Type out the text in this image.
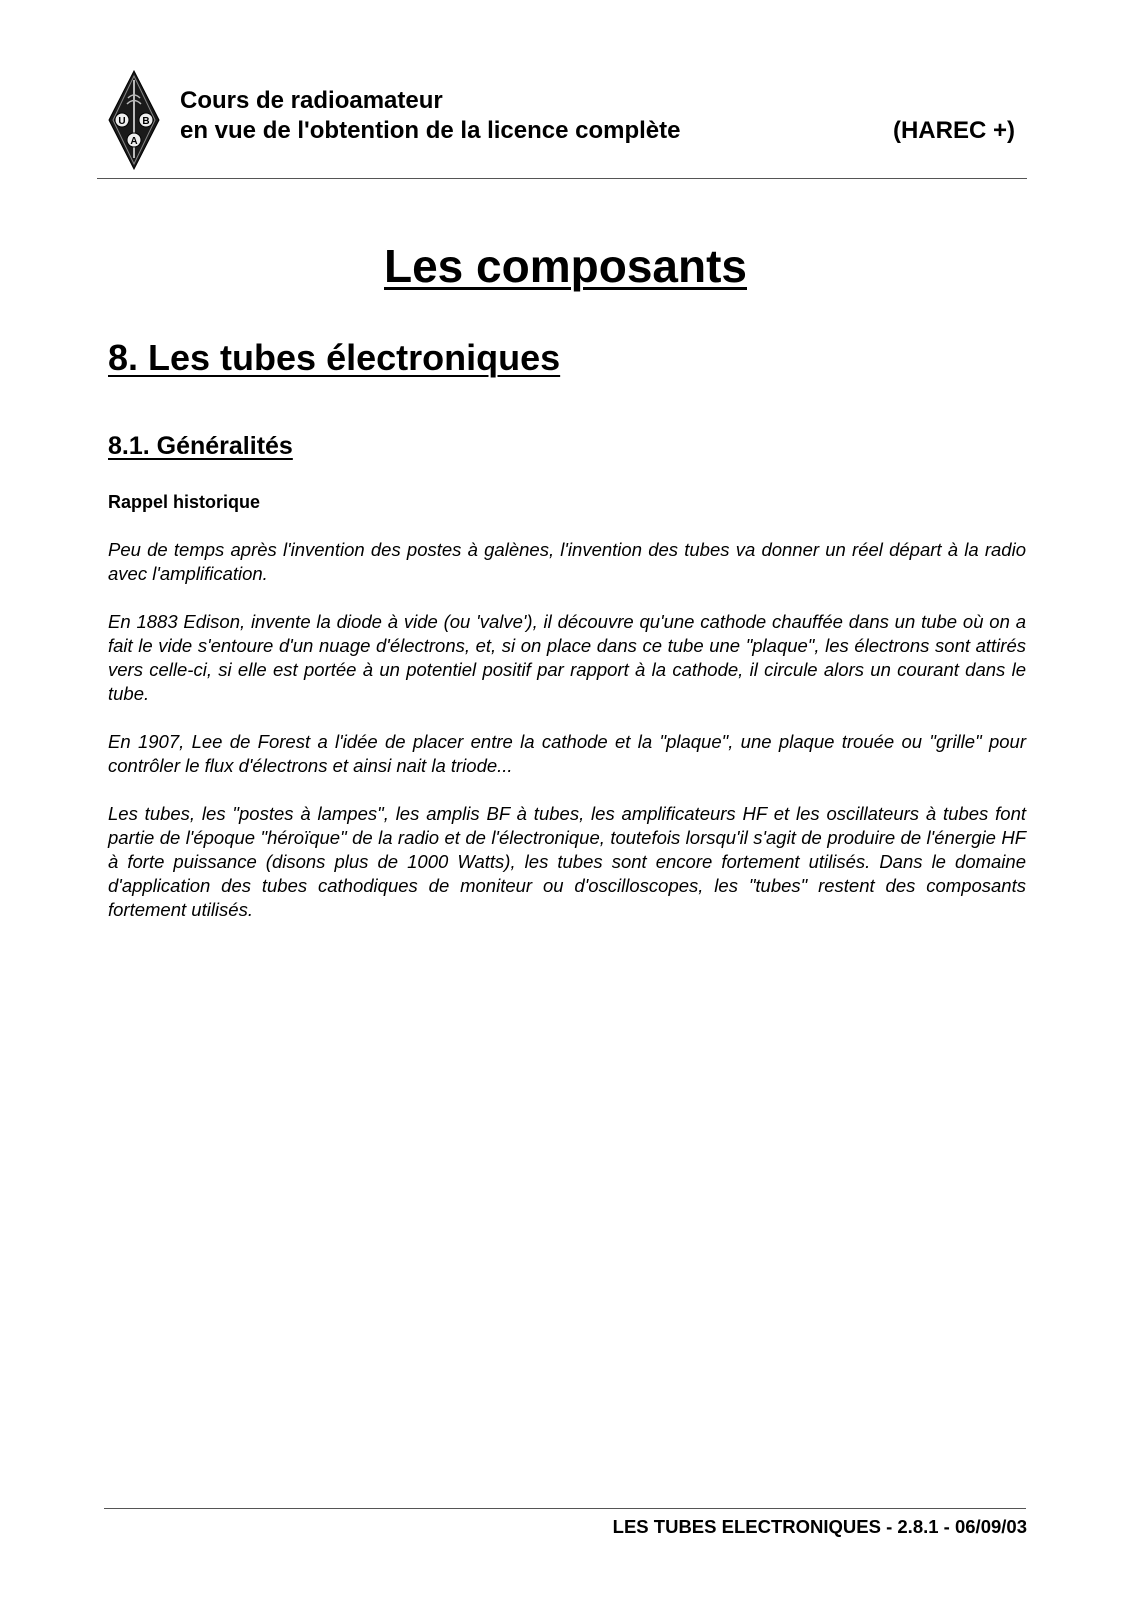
U B
A
Cours de radioamateur
en vue de l'obtention de la licence complète	(HAREC +)
Les composants
8. Les tubes électroniques
8.1. Généralités
Rappel historique

Peu de temps après l'invention des postes à galènes, l'invention des tubes va donner un réel départ à la radio avec l'amplification.

En 1883 Edison, invente la diode à vide (ou 'valve'), il découvre qu'une cathode chauffée dans un tube où on a fait le vide s'entoure d'un nuage d'électrons, et, si on place dans ce tube une "plaque", les électrons sont attirés vers celle-ci, si elle est portée à un potentiel positif par rapport à la cathode, il circule alors un courant dans le tube.

En 1907, Lee de Forest a l'idée de placer entre la cathode et la "plaque", une plaque trouée ou "grille" pour contrôler le flux d'électrons et ainsi nait la triode...

Les tubes, les "postes à lampes", les amplis BF à tubes, les amplificateurs HF et les oscillateurs à tubes font partie de l'époque "héroïque" de la radio et de l'électronique, toutefois lorsqu'il s'agit de produire de l'énergie HF à forte puissance (disons plus de 1000 Watts), les tubes sont encore fortement utilisés. Dans le domaine d'application des tubes cathodiques de moniteur ou d'oscilloscopes, les "tubes" restent des composants fortement utilisés.

LES TUBES ELECTRONIQUES - 2.8.1 - 06/09/03
